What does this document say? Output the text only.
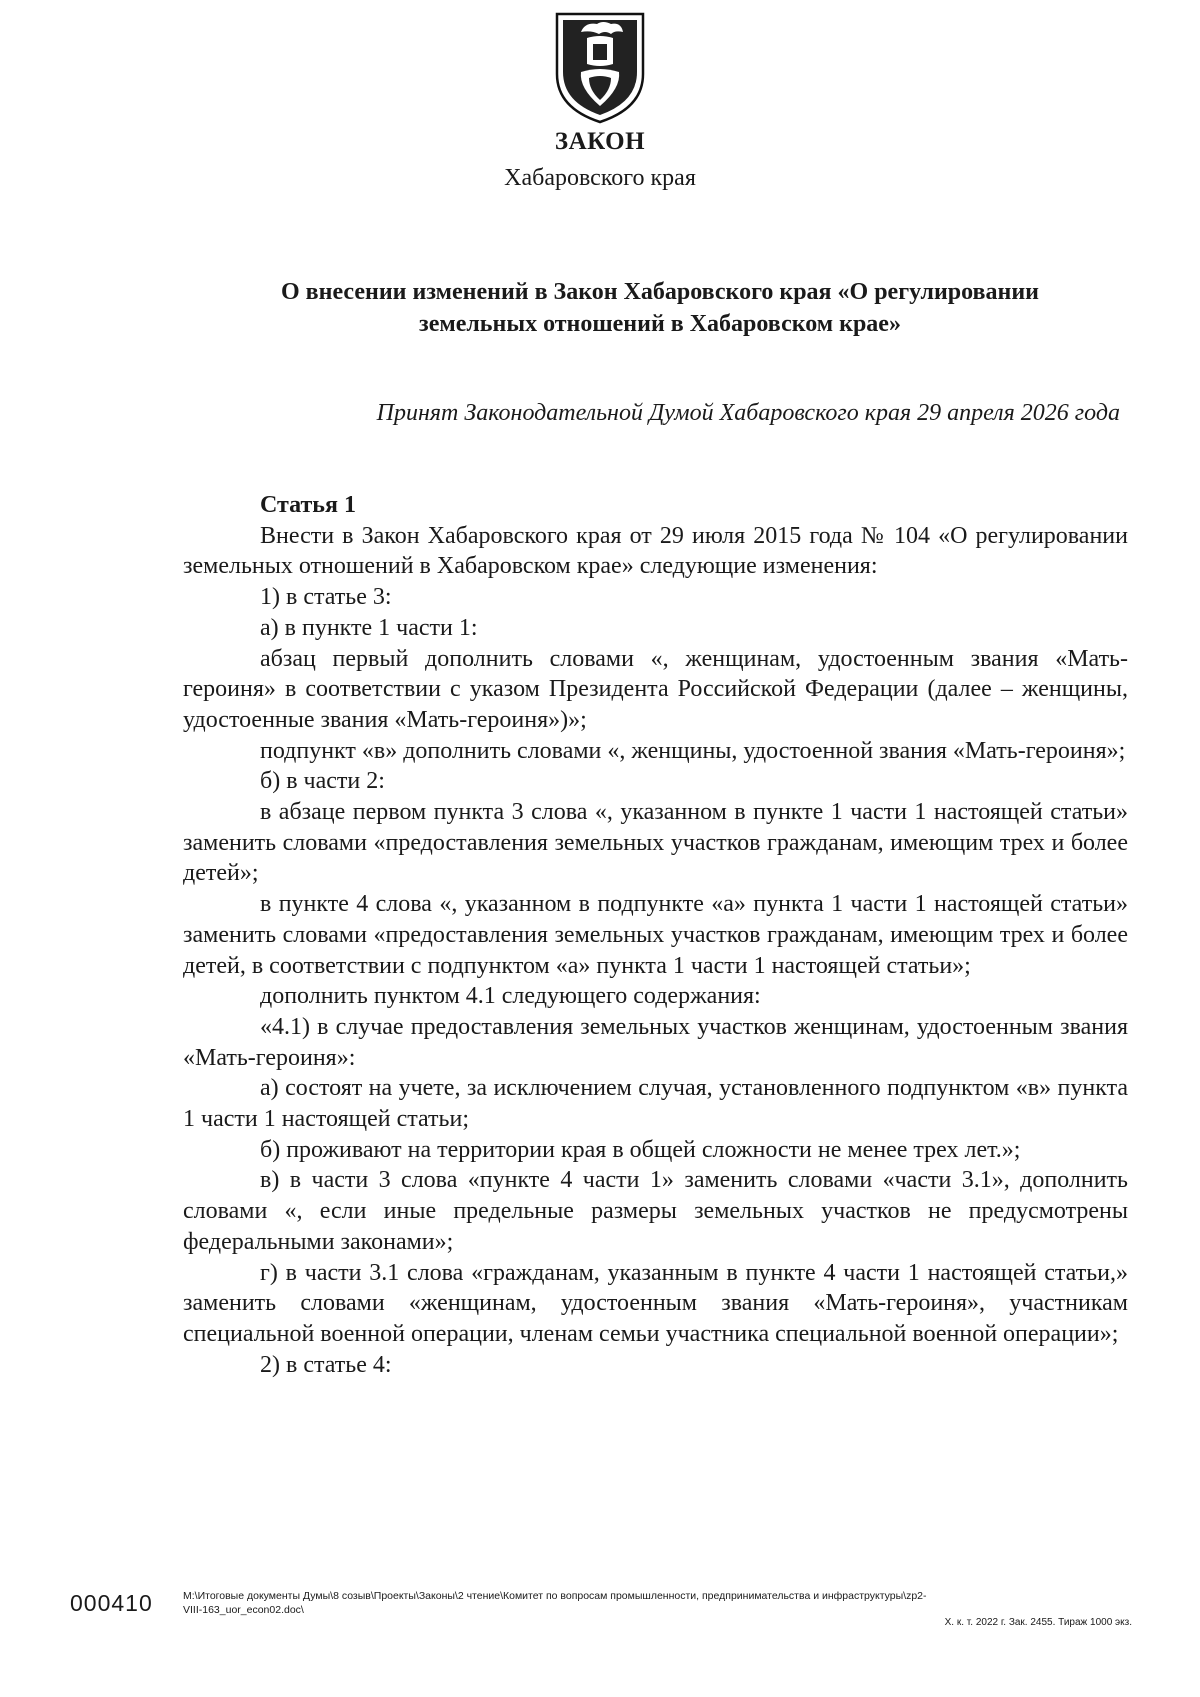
ЗАКОН
Хабаровского края
О внесении изменений в Закон Хабаровского края «О регулировании
земельных отношений в Хабаровском крае»
Принят Законодательной Думой Хабаровского края 29 апреля 2026 года

Статья 1

Внести в Закон Хабаровского края от 29 июля 2015 года № 104 «О регулировании земельных отношений в Хабаровском крае» следующие изменения:

1) в статье 3:

а) в пункте 1 части 1:

абзац первый дополнить словами «, женщинам, удостоенным звания «Мать-героиня» в соответствии с указом Президента Российской Федерации (далее – женщины, удостоенные звания «Мать-героиня»)»;

подпункт «в» дополнить словами «, женщины, удостоенной звания «Мать-героиня»;

б) в части 2:

в абзаце первом пункта 3 слова «, указанном в пункте 1 части 1 настоящей статьи» заменить словами «предоставления земельных участков гражданам, имеющим трех и более детей»;

в пункте 4 слова «, указанном в подпункте «а» пункта 1 части 1 настоящей статьи» заменить словами «предоставления земельных участков гражданам, имеющим трех и более детей, в соответствии с подпунктом «а» пункта 1 части 1 настоящей статьи»;

дополнить пунктом 4.1 следующего содержания:

«4.1) в случае предоставления земельных участков женщинам, удостоенным звания «Мать-героиня»:

а) состоят на учете, за исключением случая, установленного подпунктом «в» пункта 1 части 1 настоящей статьи;

б) проживают на территории края в общей сложности не менее трех лет.»;

в) в части 3 слова «пункте 4 части 1» заменить словами «части 3.1», дополнить словами «, если иные предельные размеры земельных участков не предусмотрены федеральными законами»;

г) в части 3.1 слова «гражданам, указанным в пункте 4 части 1 настоящей статьи,» заменить словами «женщинам, удостоенным звания «Мать-героиня», участникам специальной военной операции, членам семьи участника специальной военной операции»;

2) в статье 4:

000410	M:\Итоговые документы Думы\8 созыв\Проекты\Законы\2 чтение\Комитет по вопросам промышленности, предпринимательства и инфраструктуры\zp2-
VIII-163_uor_econ02.doc\
Х. к. т. 2022 г. Зак. 2455. Тираж 1000 экз.
